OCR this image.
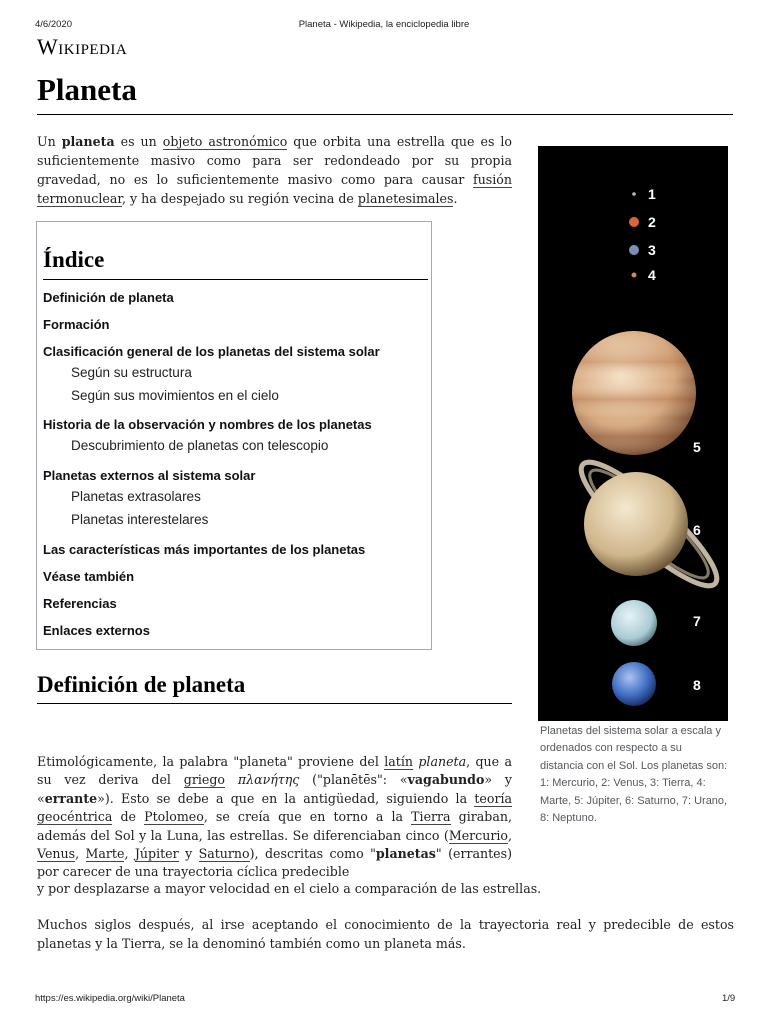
4/6/2020	Planeta - Wikipedia, la enciclopedia libre
Wikipedia
Planeta

Un planeta es un objeto astronómico que orbita una estrella que es lo suficientemente masivo como para ser redondeado por su propia gravedad, no es lo suficientemente masivo como para causar fusión termonuclear, y ha despejado su región vecina de planetesimales.

Índice
Definición de planeta
Formación
Clasificación general de los planetas del sistema solar
Según su estructura
Según sus movimientos en el cielo
Historia de la observación y nombres de los planetas
Descubrimiento de planetas con telescopio
Planetas externos al sistema solar
Planetas extrasolares
Planetas interestelares
Las características más importantes de los planetas
Véase también
Referencias
Enlaces externos
1
2
3
4
5
6
7
8

Planetas del sistema solar a escala y ordenados con respecto a su distancia con el Sol. Los planetas son: 1: Mercurio, 2: Venus, 3: Tierra, 4: Marte, 5: Júpiter, 6: Saturno, 7: Urano, 8: Neptuno.

Definición de planeta

Etimológicamente, la palabra "planeta" proviene del latín planeta, que a su vez deriva del griego πλανήτης ("planētēs": «vagabundo» y «errante»). Esto se debe a que en la antigüedad, siguiendo la teoría geocéntrica de Ptolomeo, se creía que en torno a la Tierra giraban, además del Sol y la Luna, las estrellas. Se diferenciaban cinco (Mercurio, Venus, Marte, Júpiter y Saturno), descritas como "planetas" (errantes) por carecer de una trayectoria cíclica predecible

y por desplazarse a mayor velocidad en el cielo a comparación de las estrellas.

Muchos siglos después, al irse aceptando el conocimiento de la trayectoria real y predecible de estos planetas y la Tierra, se la denominó también como un planeta más.

https://es.wikipedia.org/wiki/Planeta	1/9
